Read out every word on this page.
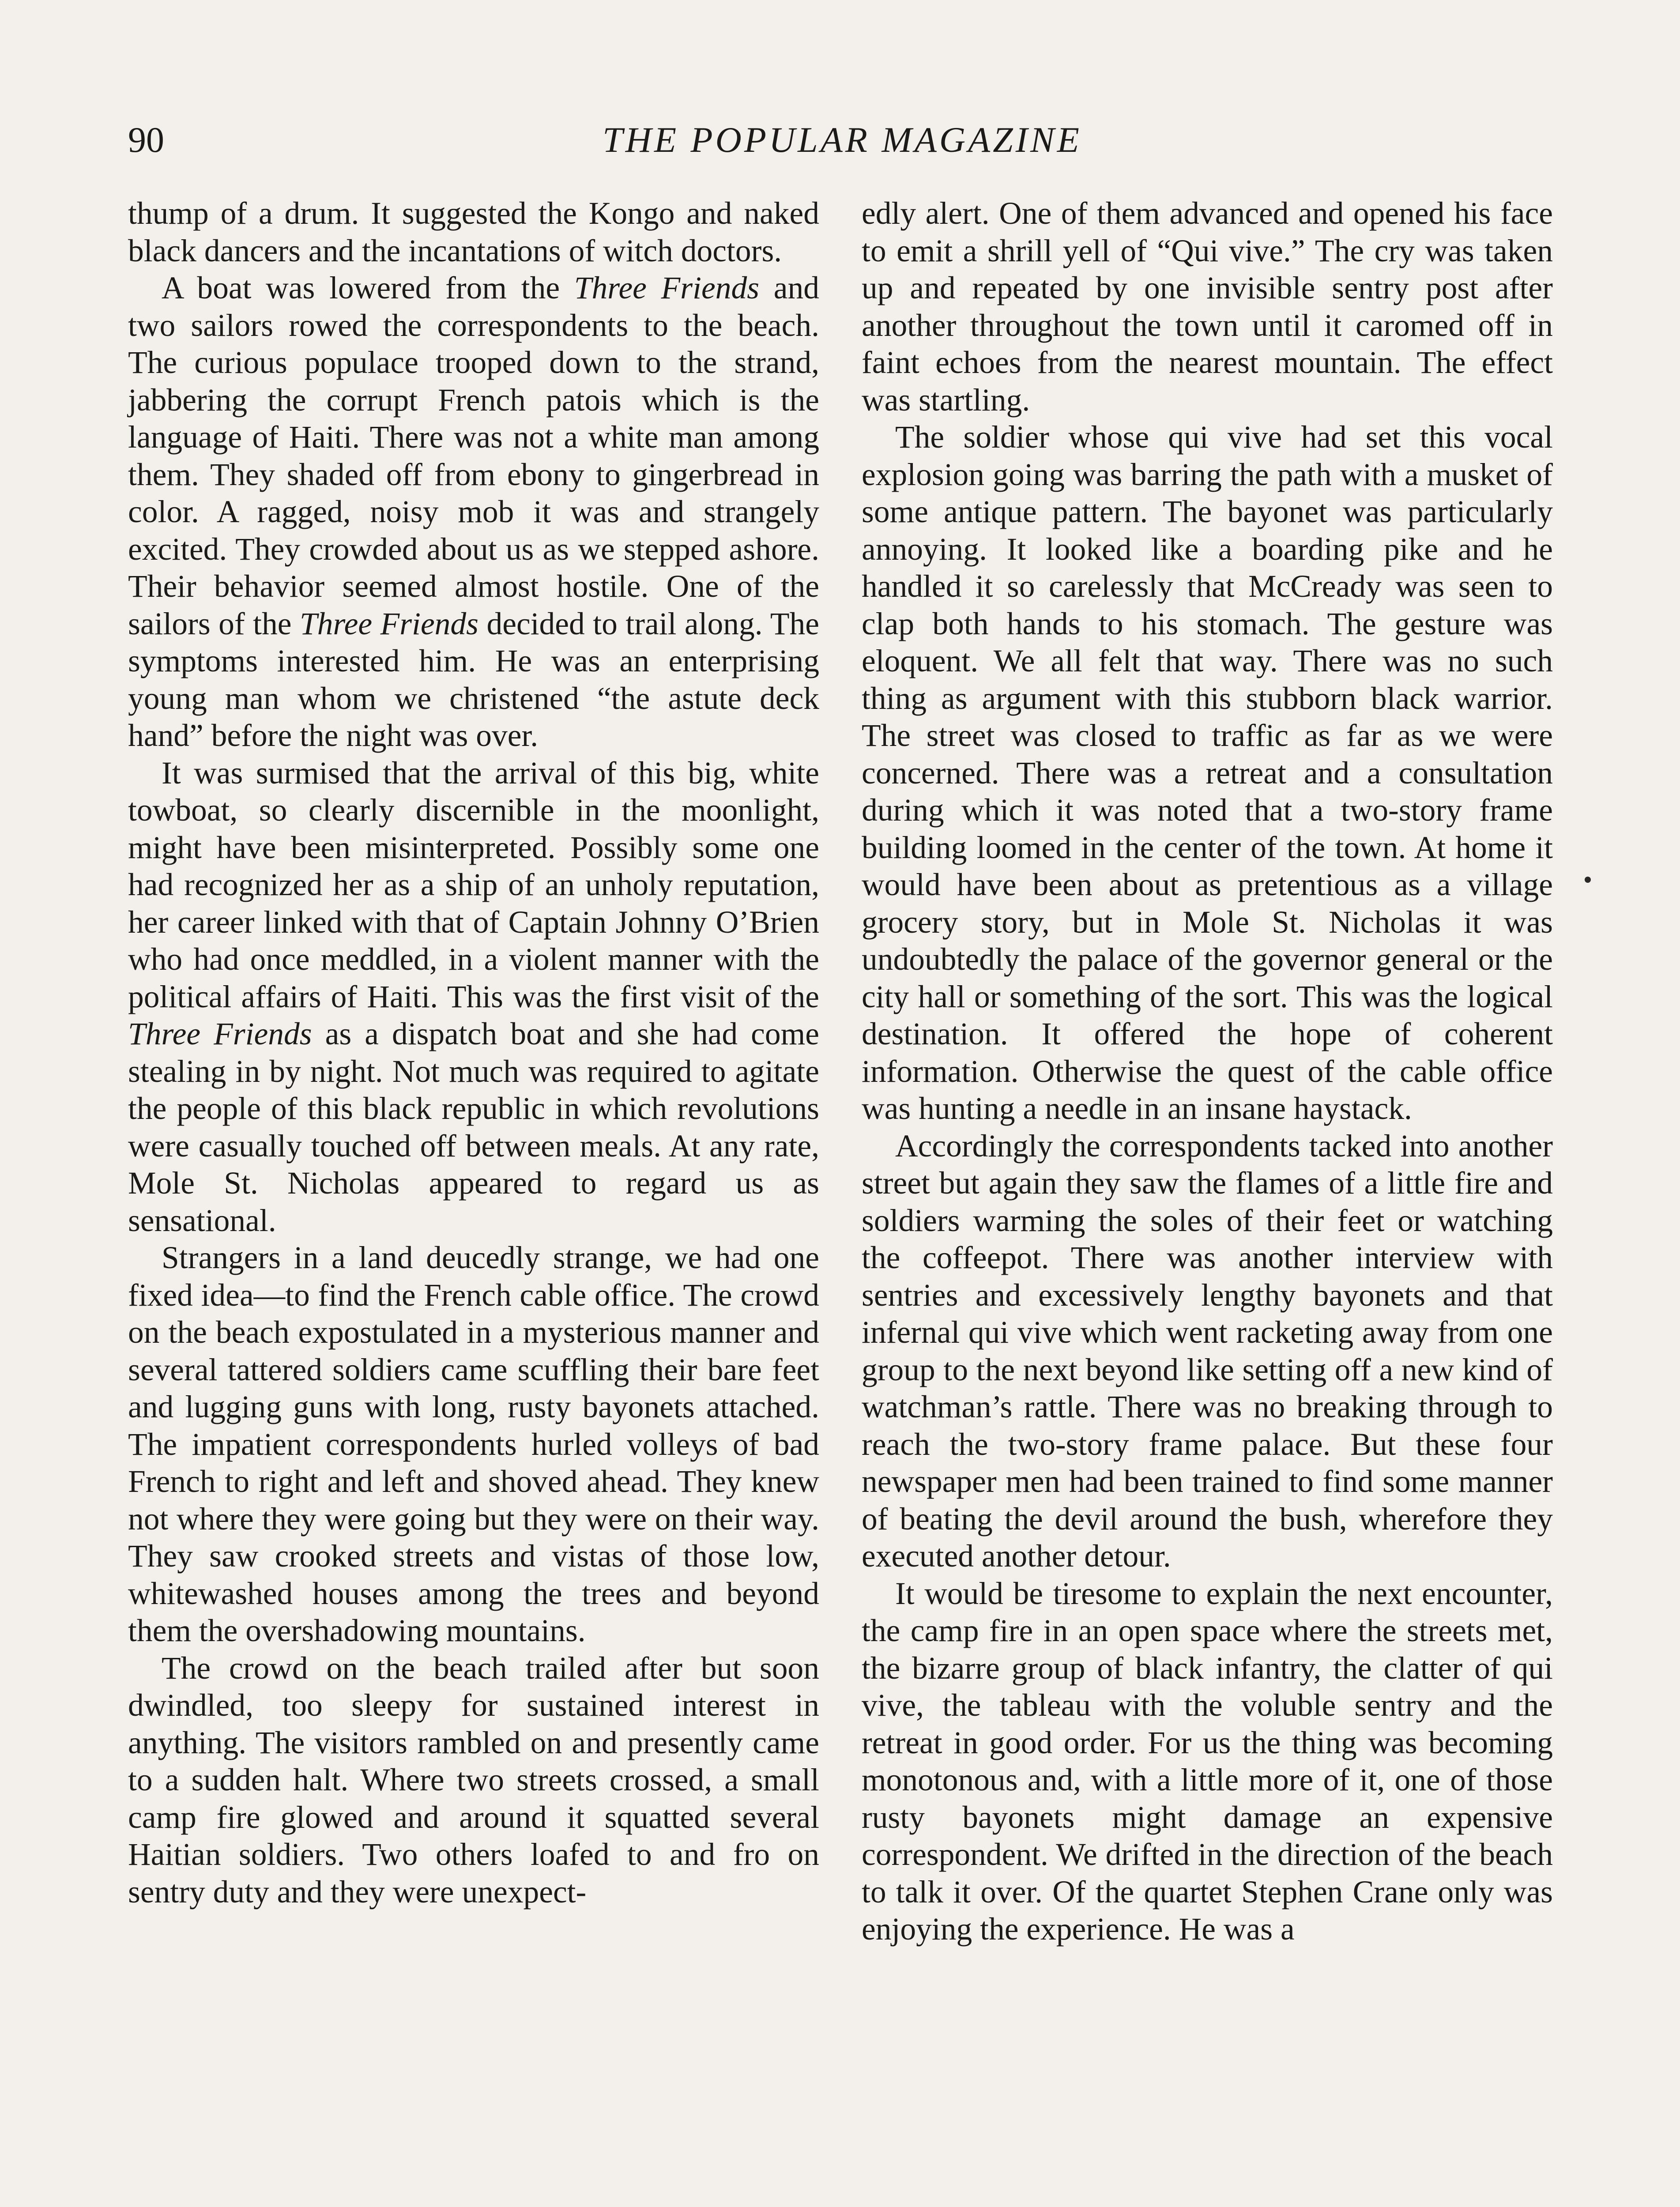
90	THE POPULAR MAGAZINE

thump of a drum. It suggested the Kongo and naked black dancers and the incantations of witch doctors.

A boat was lowered from the Three Friends and two sailors rowed the correspondents to the beach. The curious populace trooped down to the strand, jabbering the corrupt French patois which is the language of Haiti. There was not a white man among them. They shaded off from ebony to gingerbread in color. A ragged, noisy mob it was and strangely excited. They crowded about us as we stepped ashore. Their behavior seemed almost hostile. One of the sailors of the Three Friends decided to trail along. The symptoms interested him. He was an enterprising young man whom we christened “the astute deck hand” before the night was over.

It was surmised that the arrival of this big, white towboat, so clearly discernible in the moonlight, might have been misinterpreted. Possibly some one had recognized her as a ship of an unholy reputation, her career linked with that of Captain Johnny O’Brien who had once meddled, in a violent manner with the political affairs of Haiti. This was the first visit of the Three Friends as a dispatch boat and she had come stealing in by night. Not much was required to agitate the people of this black republic in which revolutions were casually touched off between meals. At any rate, Mole St. Nicholas appeared to regard us as sensational.

Strangers in a land deucedly strange, we had one fixed idea—to find the French cable office. The crowd on the beach expostulated in a mysterious manner and several tattered soldiers came scuffling their bare feet and lugging guns with long, rusty bayonets attached. The impatient correspondents hurled volleys of bad French to right and left and shoved ahead. They knew not where they were going but they were on their way. They saw crooked streets and vistas of those low, whitewashed houses among the trees and beyond them the overshadowing mountains.

The crowd on the beach trailed after but soon dwindled, too sleepy for sustained interest in anything. The visitors rambled on and presently came to a sudden halt. Where two streets crossed, a small camp fire glowed and around it squatted several Haitian soldiers. Two others loafed to and fro on sentry duty and they were unexpect-

edly alert. One of them advanced and opened his face to emit a shrill yell of “Qui vive.” The cry was taken up and repeated by one invisible sentry post after another throughout the town until it caromed off in faint echoes from the nearest mountain. The effect was startling.

The soldier whose qui vive had set this vocal explosion going was barring the path with a musket of some antique pattern. The bayonet was particularly annoying. It looked like a boarding pike and he handled it so carelessly that McCready was seen to clap both hands to his stomach. The gesture was eloquent. We all felt that way. There was no such thing as argument with this stubborn black warrior. The street was closed to traffic as far as we were concerned. There was a retreat and a consultation during which it was noted that a two-story frame building loomed in the center of the town. At home it would have been about as pretentious as a village grocery story, but in Mole St. Nicholas it was undoubtedly the palace of the governor general or the city hall or something of the sort. This was the logical destination. It offered the hope of coherent information. Otherwise the quest of the cable office was hunting a needle in an insane haystack.

Accordingly the correspondents tacked into another street but again they saw the flames of a little fire and soldiers warming the soles of their feet or watching the coffeepot. There was another interview with sentries and excessively lengthy bayonets and that infernal qui vive which went racketing away from one group to the next beyond like setting off a new kind of watchman’s rattle. There was no breaking through to reach the two-story frame palace. But these four newspaper men had been trained to find some manner of beating the devil around the bush, wherefore they executed another detour.

It would be tiresome to explain the next encounter, the camp fire in an open space where the streets met, the bizarre group of black infantry, the clatter of qui vive, the tableau with the voluble sentry and the retreat in good order. For us the thing was becoming monotonous and, with a little more of it, one of those rusty bayonets might damage an expensive correspondent. We drifted in the direction of the beach to talk it over. Of the quartet Stephen Crane only was enjoying the experience. He was a
